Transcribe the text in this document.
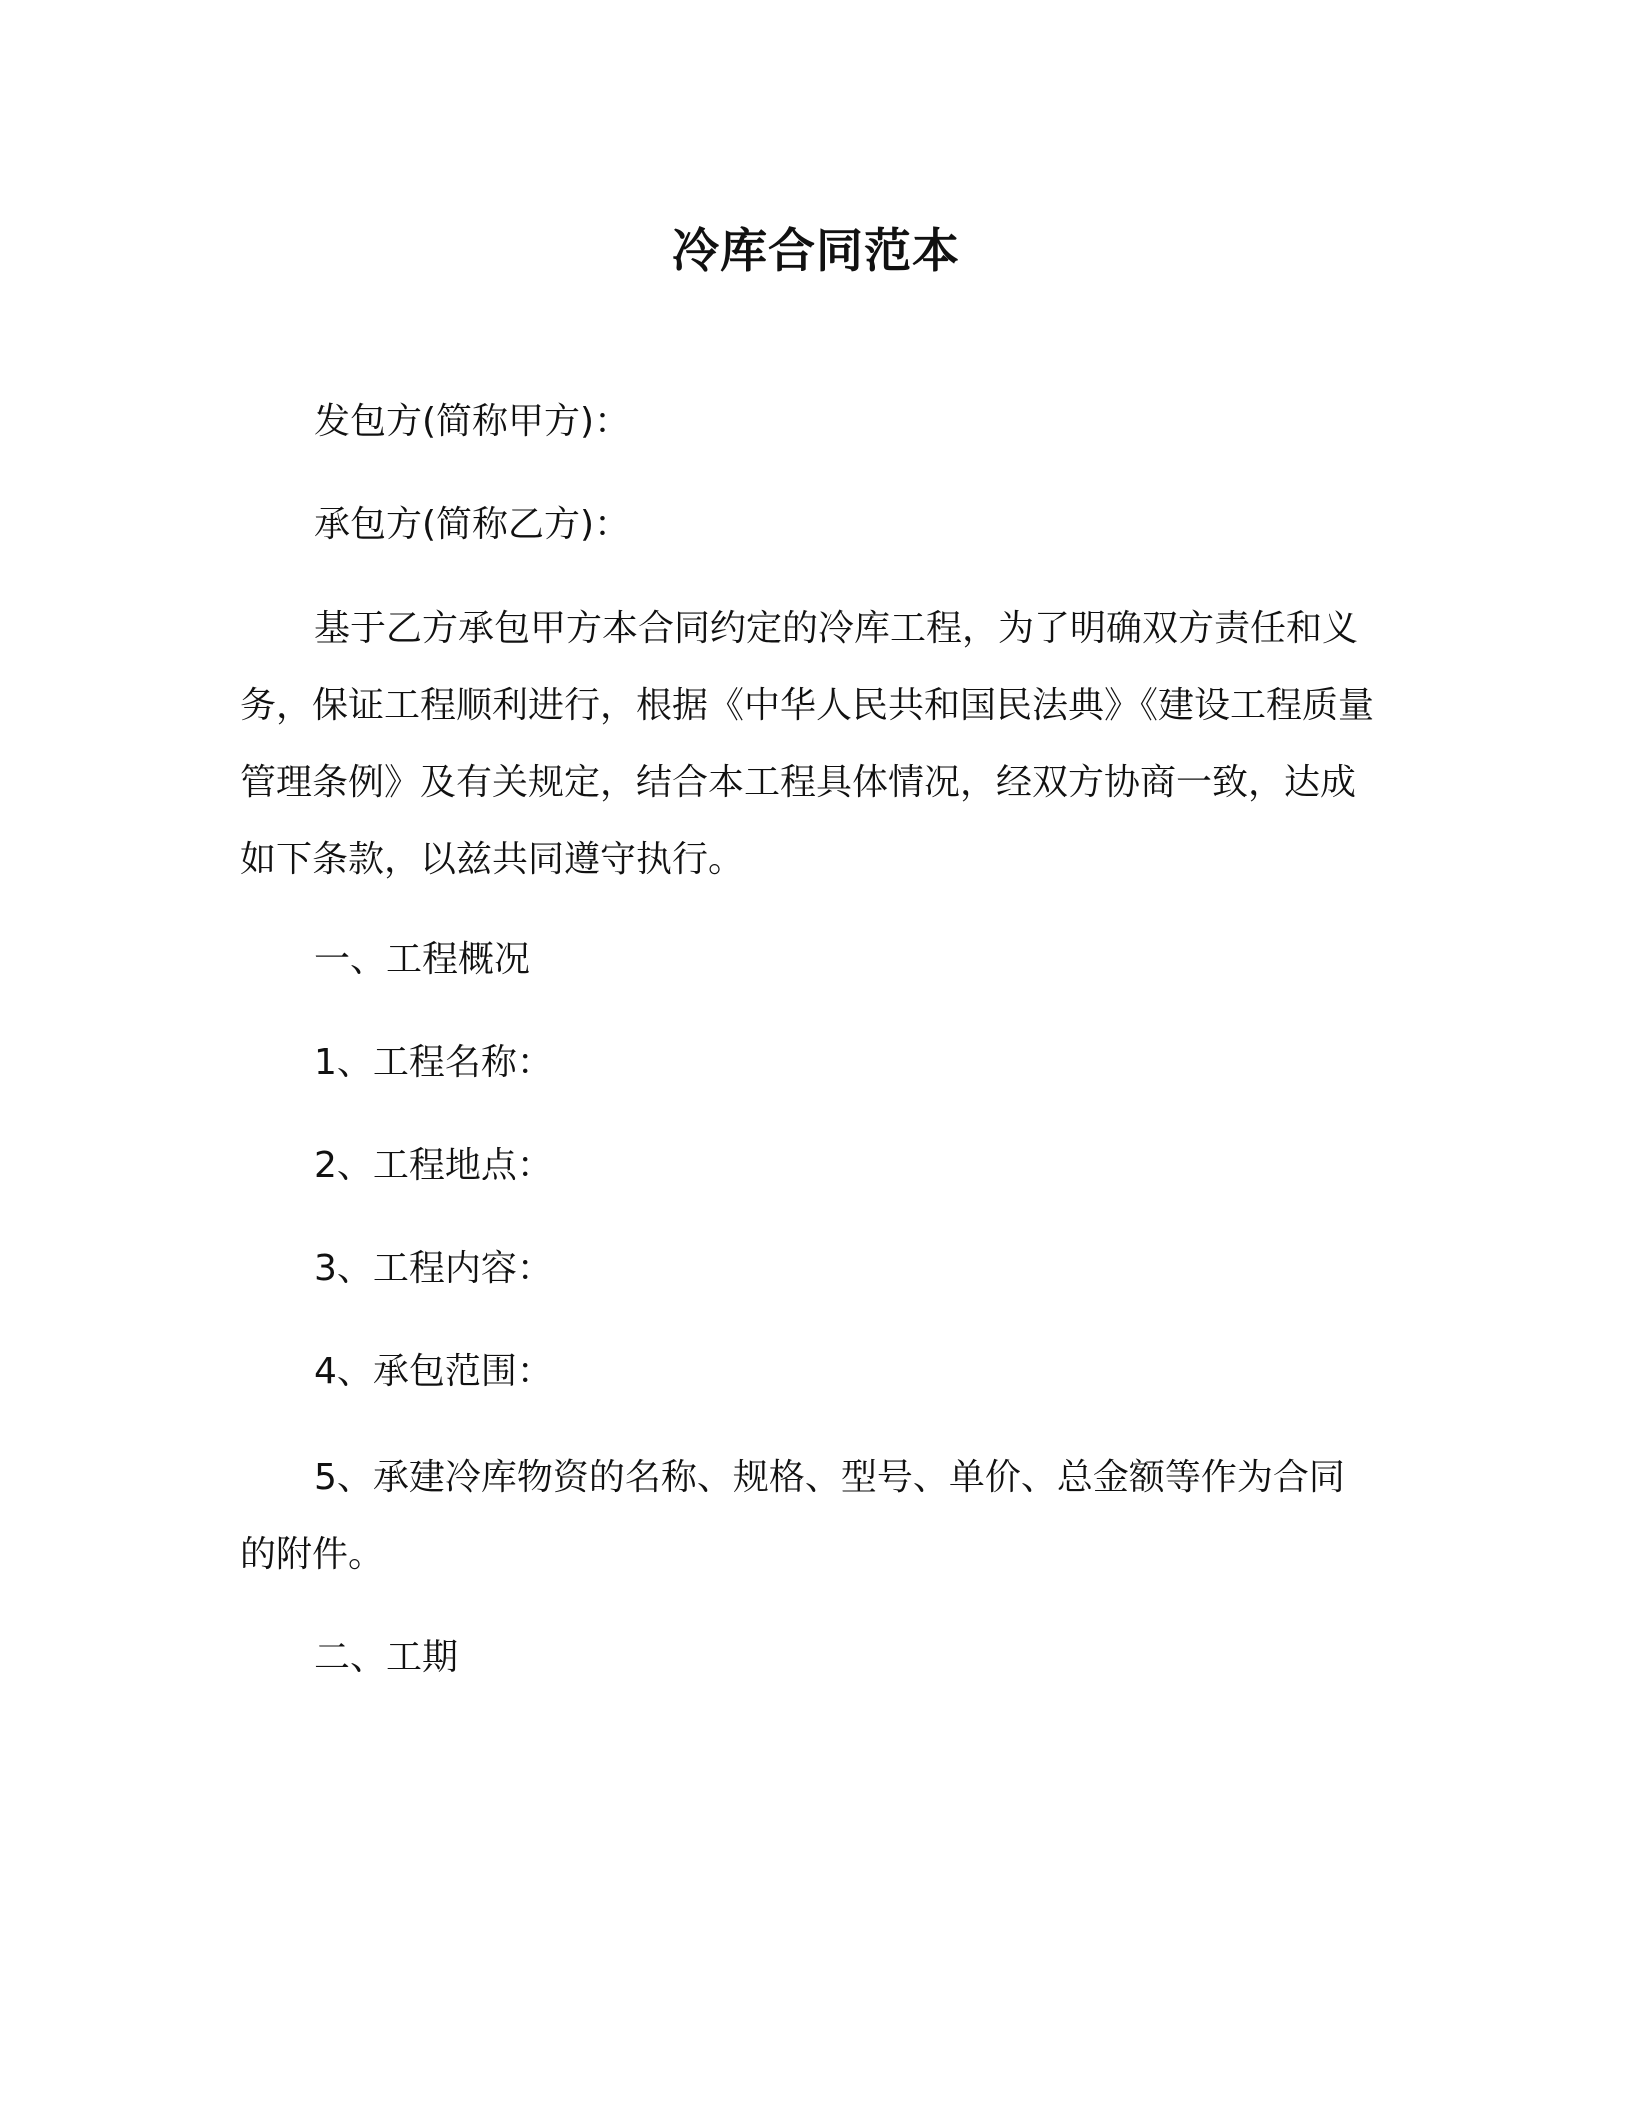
冷库合同范本
发包方(简称甲方)：
承包方(简称乙方)：

基于乙方承包甲方本合同约定的冷库工程，为了明确双方责任和义务，保证工程顺利进行，根据《中华人民共和国民法典》《建设工程质量管理条例》及有关规定，结合本工程具体情况，经双方协商一致，达成如下条款，以兹共同遵守执行。

一、工程概况
1、工程名称：
2、工程地点：
3、工程内容：
4、承包范围：

5、承建冷库物资的名称、规格、型号、单价、总金额等作为合同的附件。

二、工期
